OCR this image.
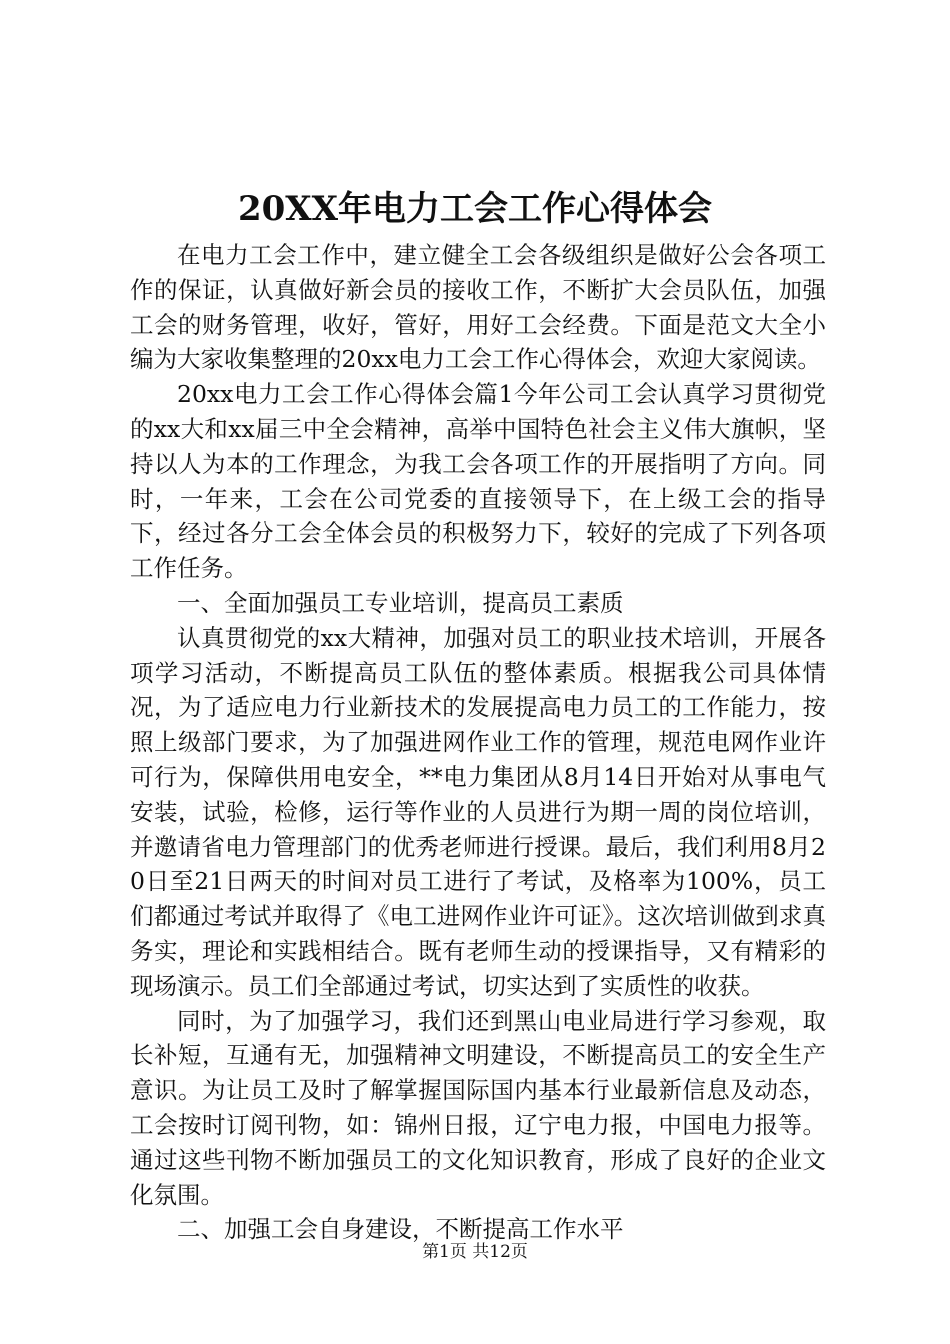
20XX年电力工会工作心得体会

在电力工会工作中，建立健全工会各级组织是做好公会各项工作的保证，认真做好新会员的接收工作，不断扩大会员队伍，加强工会的财务管理，收好，管好，用好工会经费。下面是范文大全小编为大家收集整理的20xx电力工会工作心得体会，欢迎大家阅读。

20xx电力工会工作心得体会篇1今年公司工会认真学习贯彻党的xx大和xx届三中全会精神，高举中国特色社会主义伟大旗帜，坚持以人为本的工作理念，为我工会各项工作的开展指明了方向。同时，一年来，工会在公司党委的直接领导下，在上级工会的指导下，经过各分工会全体会员的积极努力下，较好的完成了下列各项工作任务。

一、全面加强员工专业培训，提高员工素质

认真贯彻党的xx大精神，加强对员工的职业技术培训，开展各项学习活动，不断提高员工队伍的整体素质。根据我公司具体情况，为了适应电力行业新技术的发展提高电力员工的工作能力，按照上级部门要求，为了加强进网作业工作的管理，规范电网作业许可行为，保障供用电安全，**电力集团从8月14日开始对从事电气安装，试验，检修，运行等作业的人员进行为期一周的岗位培训，并邀请省电力管理部门的优秀老师进行授课。最后，我们利用8月20日至21日两天的时间对员工进行了考试，及格率为100%，员工们都通过考试并取得了《电工进网作业许可证》。这次培训做到求真务实，理论和实践相结合。既有老师生动的授课指导，又有精彩的现场演示。员工们全部通过考试，切实达到了实质性的收获。

同时，为了加强学习，我们还到黑山电业局进行学习参观，取长补短，互通有无，加强精神文明建设，不断提高员工的安全生产意识。为让员工及时了解掌握国际国内基本行业最新信息及动态，工会按时订阅刊物，如：锦州日报，辽宁电力报，中国电力报等。通过这些刊物不断加强员工的文化知识教育，形成了良好的企业文化氛围。

二、加强工会自身建设，不断提高工作水平

第1页 共12页
